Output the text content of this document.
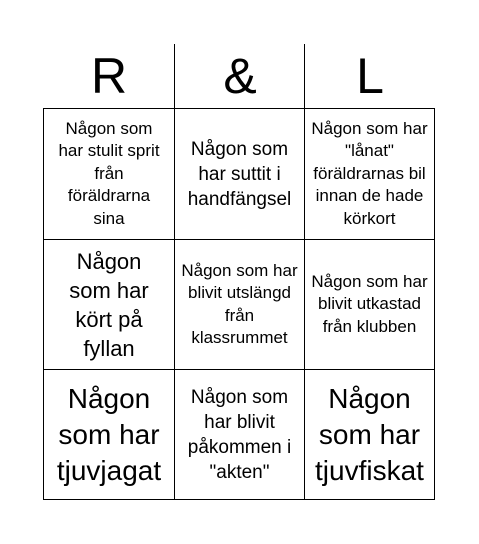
R	&	L
Någon som har stulit sprit från föräldrarna sina
Någon som har suttit i handfängsel
Någon som har "lånat" föräldrarnas bil innan de hade körkort
Någon som har kört på fyllan
Någon som har blivit utslängd från klassrummet
Någon som har blivit utkastad från klubben
Någon som har tjuvjagat
Någon som har blivit påkommen i "akten"
Någon som har tjuvfiskat
